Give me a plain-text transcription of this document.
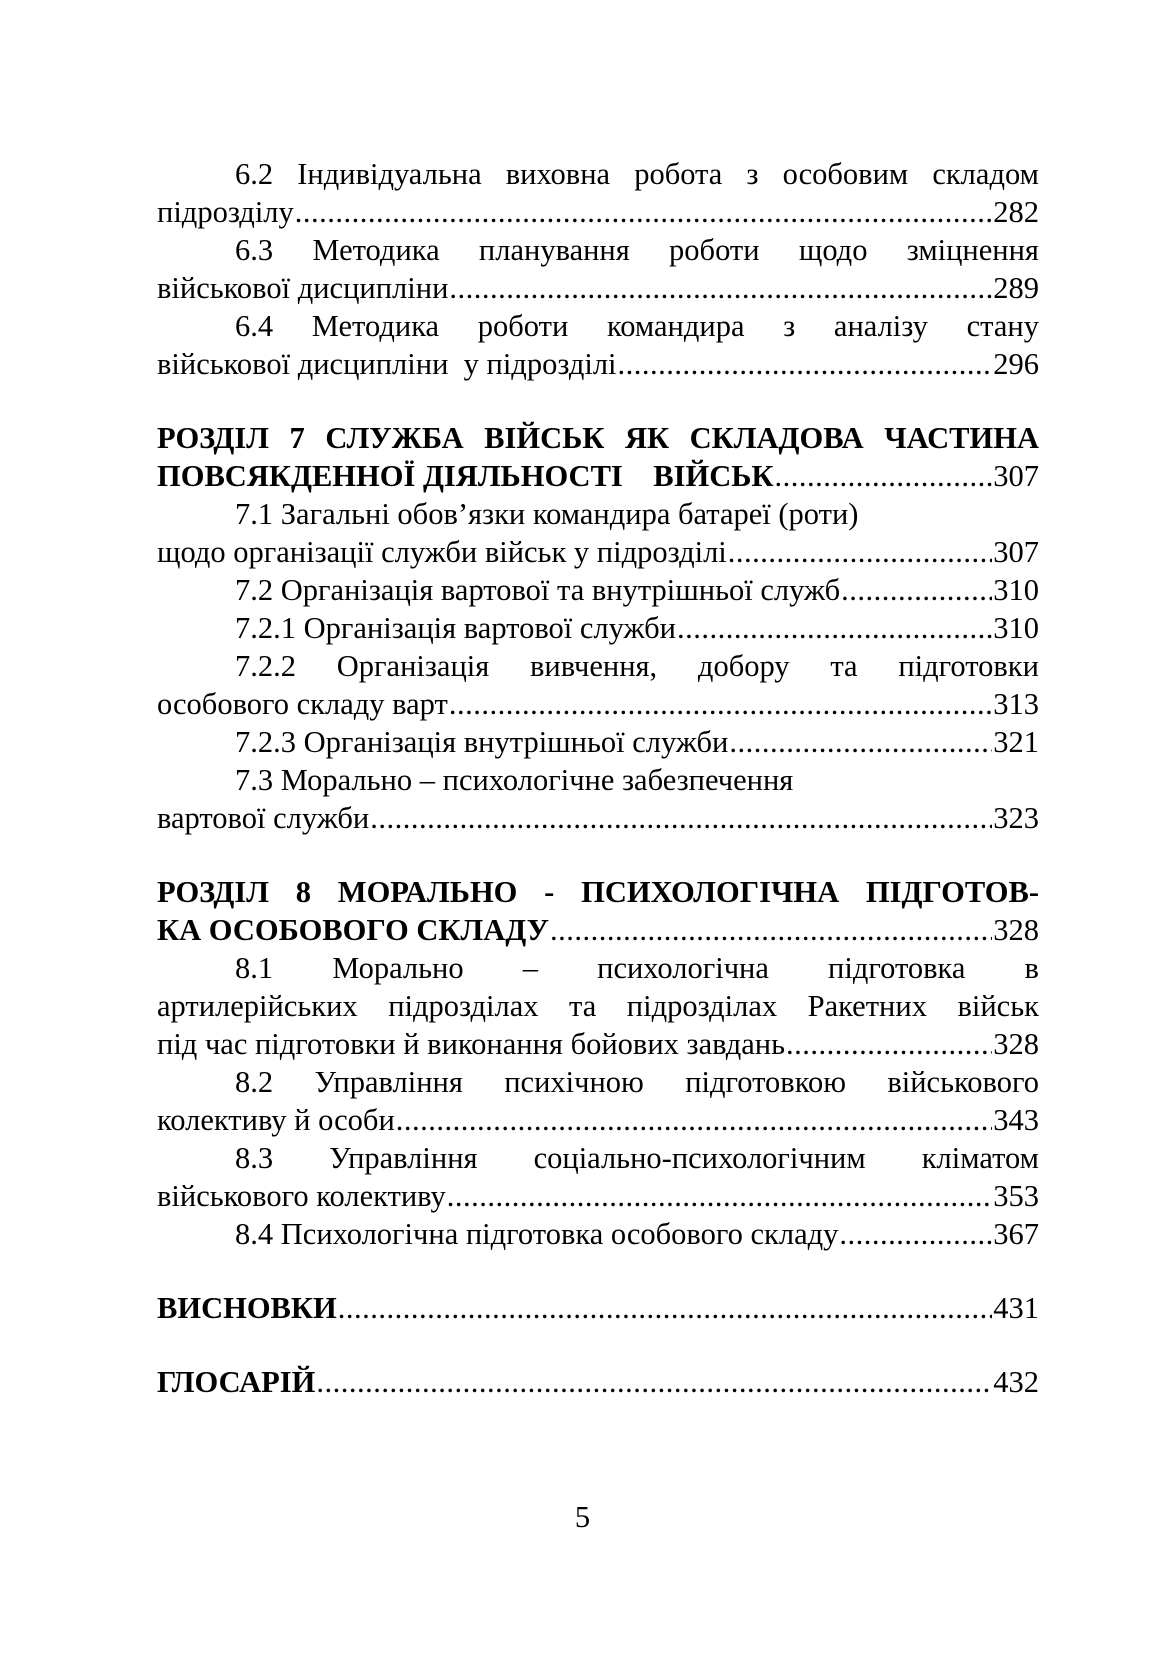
6.2 Індивідуальна виховна робота з особовим складом
підрозділу .....	282
6.3 Методика планування роботи щодо зміцнення
військової дисципліни .....	289
6.4 Методика роботи командира з аналізу стану
військової дисципліни  у підрозділі .....	296
РОЗДІЛ 7 СЛУЖБА ВІЙСЬК ЯК СКЛАДОВА ЧАСТИНА
ПОВСЯКДЕННОЇ ДІЯЛЬНОСТІ    ВІЙСЬК .....	307
7.1 Загальні обов’язки командира батареї (роти)
щодо організації служби військ у підрозділі .....	307
7.2 Організація вартової та внутрішньої служб .....	310
7.2.1 Організація вартової служби .....	310
7.2.2 Організація вивчення, добору та підготовки
особового складу варт .....	313
7.2.3 Організація внутрішньої служби .....	321
7.3 Морально – психологічне забезпечення
вартової служби .....	323
РОЗДІЛ 8 МОРАЛЬНО - ПСИХОЛОГІЧНА ПІДГОТОВ-
КА ОСОБОВОГО СКЛАДУ .....	328
8.1 Морально – психологічна підготовка в
артилерійських підрозділах та підрозділах Ракетних військ
під час підготовки й виконання бойових завдань .....	328
8.2 Управління психічною підготовкою військового
колективу й особи .....	343
8.3 Управління соціально-психологічним кліматом
військового колективу .....	353
8.4 Психологічна підготовка особового складу .....	367
ВИСНОВКИ .....	431
ГЛОСАРІЙ .....	432
5
